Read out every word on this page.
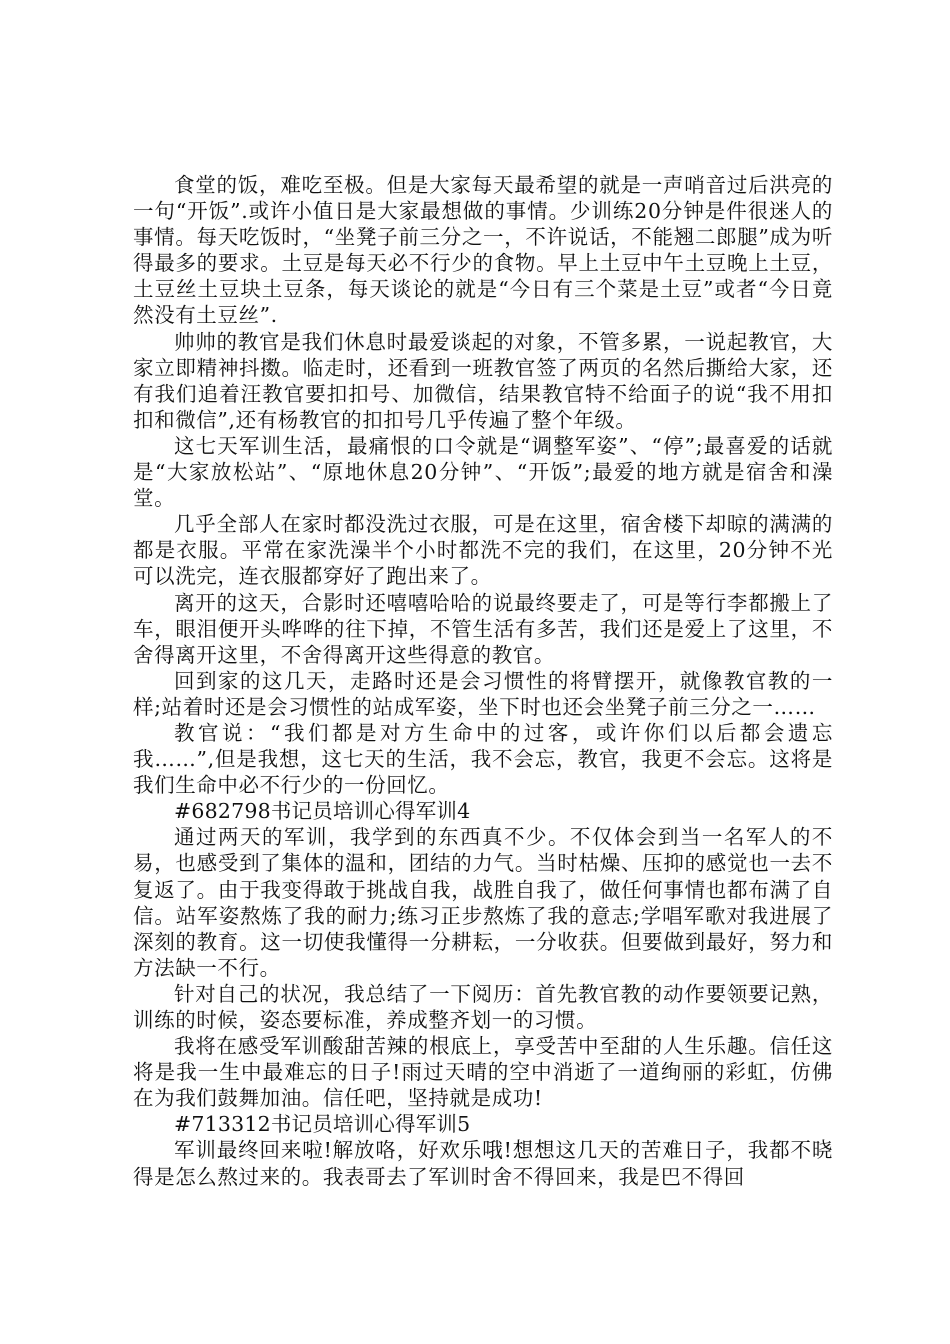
食堂的饭，难吃至极。但是大家每天最希望的就是一声哨音过后洪亮的一句“开饭”.或许小值日是大家最想做的事情。少训练20分钟是件很迷人的事情。每天吃饭时，“坐凳子前三分之一，不许说话，不能翘二郎腿”成为听得最多的要求。土豆是每天必不行少的食物。早上土豆中午土豆晚上土豆，土豆丝土豆块土豆条，每天谈论的就是“今日有三个菜是土豆”或者“今日竟然没有土豆丝”.

帅帅的教官是我们休息时最爱谈起的对象，不管多累，一说起教官，大家立即精神抖擞。临走时，还看到一班教官签了两页的名然后撕给大家，还有我们追着汪教官要扣扣号、加微信，结果教官特不给面子的说“我不用扣扣和微信”,还有杨教官的扣扣号几乎传遍了整个年级。

这七天军训生活，最痛恨的口令就是“调整军姿”、“停”;最喜爱的话就是“大家放松站”、“原地休息20分钟”、“开饭”;最爱的地方就是宿舍和澡堂。

几乎全部人在家时都没洗过衣服，可是在这里，宿舍楼下却晾的满满的都是衣服。平常在家洗澡半个小时都洗不完的我们，在这里，20分钟不光可以洗完，连衣服都穿好了跑出来了。

离开的这天，合影时还嘻嘻哈哈的说最终要走了，可是等行李都搬上了车，眼泪便开头哗哗的往下掉，不管生活有多苦，我们还是爱上了这里，不舍得离开这里，不舍得离开这些得意的教官。

回到家的这几天，走路时还是会习惯性的将臂摆开，就像教官教的一样;站着时还是会习惯性的站成军姿，坐下时也还会坐凳子前三分之一……

教官说：“我们都是对方生命中的过客，或许你们以后都会遗忘我……”,但是我想，这七天的生活，我不会忘，教官，我更不会忘。这将是我们生命中必不行少的一份回忆。

#682798书记员培训心得军训4

通过两天的军训，我学到的东西真不少。不仅体会到当一名军人的不易，也感受到了集体的温和，团结的力气。当时枯燥、压抑的感觉也一去不复返了。由于我变得敢于挑战自我，战胜自我了，做任何事情也都布满了自信。站军姿熬炼了我的耐力;练习正步熬炼了我的意志;学唱军歌对我进展了深刻的教育。这一切使我懂得一分耕耘，一分收获。但要做到最好，努力和方法缺一不行。

针对自己的状况，我总结了一下阅历：首先教官教的动作要领要记熟，训练的时候，姿态要标准，养成整齐划一的习惯。

我将在感受军训酸甜苦辣的根底上，享受苦中至甜的人生乐趣。信任这将是我一生中最难忘的日子!雨过天晴的空中消逝了一道绚丽的彩虹，仿佛在为我们鼓舞加油。信任吧，坚持就是成功!

#713312书记员培训心得军训5

军训最终回来啦!解放咯，好欢乐哦!想想这几天的苦难日子，我都不晓得是怎么熬过来的。我表哥去了军训时舍不得回来，我是巴不得回
